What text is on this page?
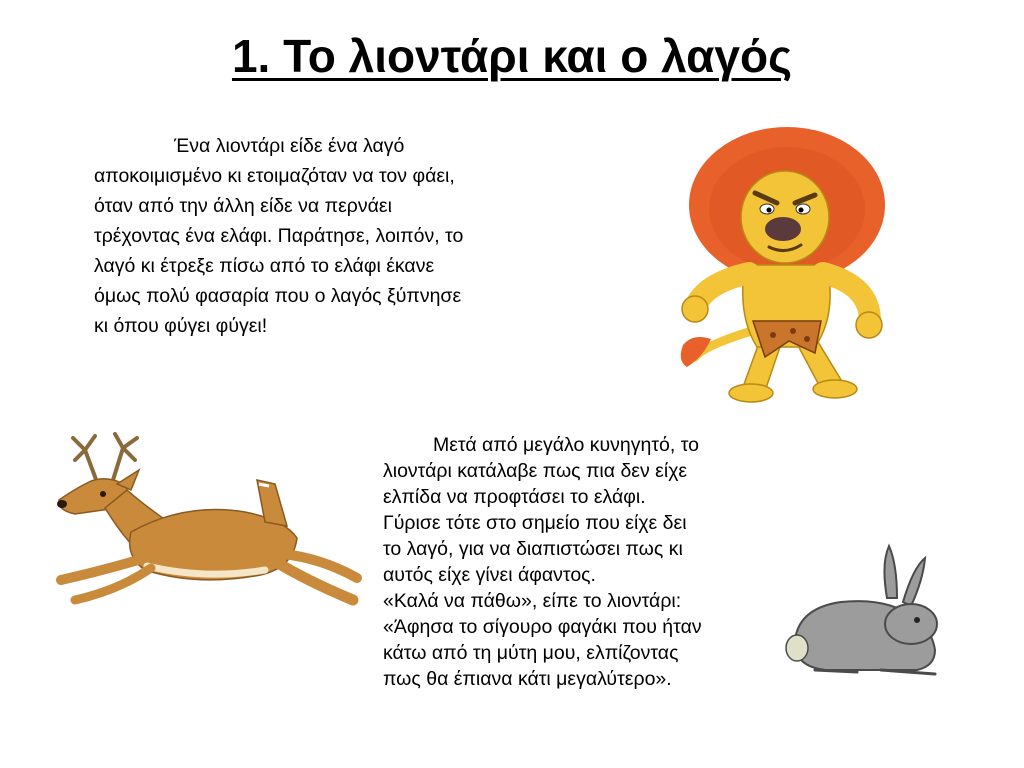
1. Το λιοντάρι και ο λαγός

Ένα λιοντάρι είδε ένα λαγό
αποκοιμισμένο κι ετοιμαζόταν να τον φάει,
όταν από την άλλη είδε να περνάει
τρέχοντας ένα ελάφι. Παράτησε, λοιπόν, το
λαγό κι έτρεξε πίσω από το ελάφι έκανε
όμως πολύ φασαρία που ο λαγός ξύπνησε
κι όπου φύγει φύγει!

Μετά από μεγάλο κυνηγητό, το
λιοντάρι κατάλαβε πως πια δεν είχε
ελπίδα να προφτάσει το ελάφι.
Γύρισε τότε στο σημείο που είχε δει
το λαγό, για να διαπιστώσει πως κι
αυτός είχε γίνει άφαντος.
«Καλά να πάθω», είπε το λιοντάρι:
«Άφησα το σίγουρο φαγάκι που ήταν
κάτω από τη μύτη μου, ελπίζοντας
πως θα έπιανα κάτι μεγαλύτερο».
